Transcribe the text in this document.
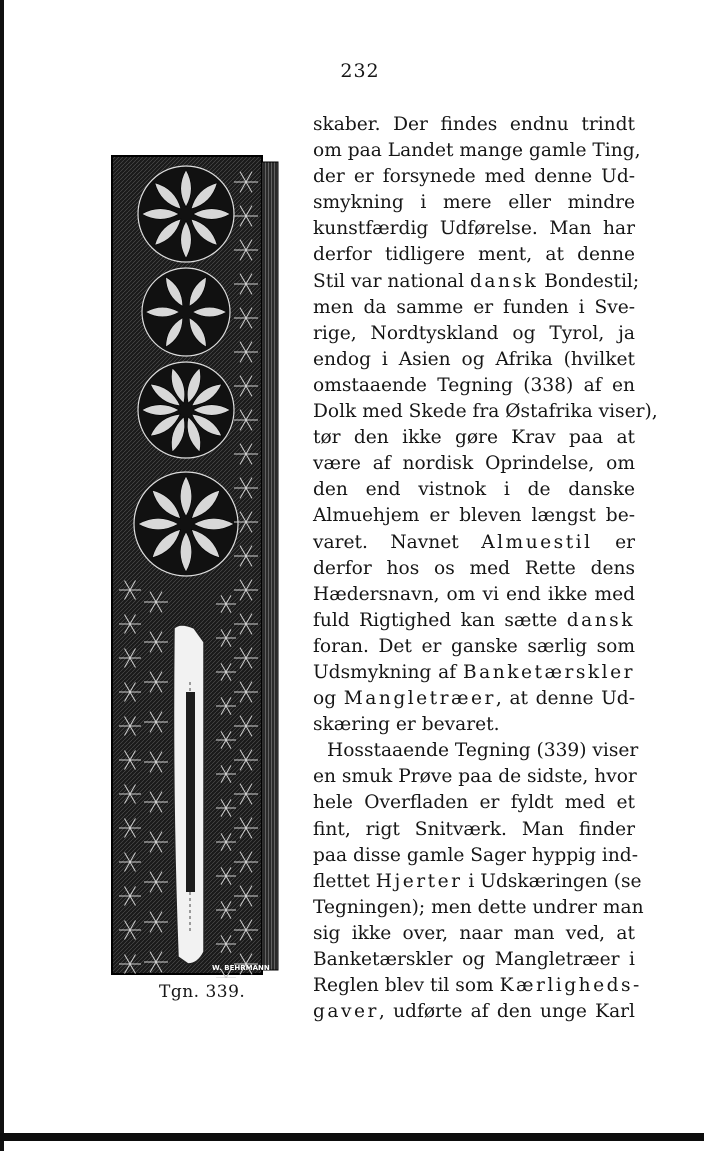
232
W. BEHRMANN
Tgn. 339.
skaber. Der findes endnu trindt
om paa Landet mange gamle Ting,
der er forsynede med denne Ud-
smykning i mere eller mindre
kunstfærdig Udførelse. Man har
derfor tidligere ment, at denne
Stil var national dansk Bondestil;
men da samme er funden i Sve-
rige, Nordtyskland og Tyrol, ja
endog i Asien og Afrika (hvilket
omstaaende Tegning (338) af en
Dolk med Skede fra Østafrika viser),
tør den ikke gøre Krav paa at
være af nordisk Oprindelse, om
den end vistnok i de danske
Almuehjem er bleven længst be-
varet. Navnet Almuestil er
derfor hos os med Rette dens
Hædersnavn, om vi end ikke med
fuld Rigtighed kan sætte dansk
foran. Det er ganske særlig som
Udsmykning af Banketærskler
og Mangletræer, at denne Ud-
skæring er bevaret.
Hosstaaende Tegning (339) viser
en smuk Prøve paa de sidste, hvor
hele Overfladen er fyldt med et
fint, rigt Snitværk. Man finder
paa disse gamle Sager hyppig ind-
flettet Hjerter i Udskæringen (se
Tegningen); men dette undrer man
sig ikke over, naar man ved, at
Banketærskler og Mangletræer i
Reglen blev til som Kærligheds-
gaver, udførte af den unge Karl
